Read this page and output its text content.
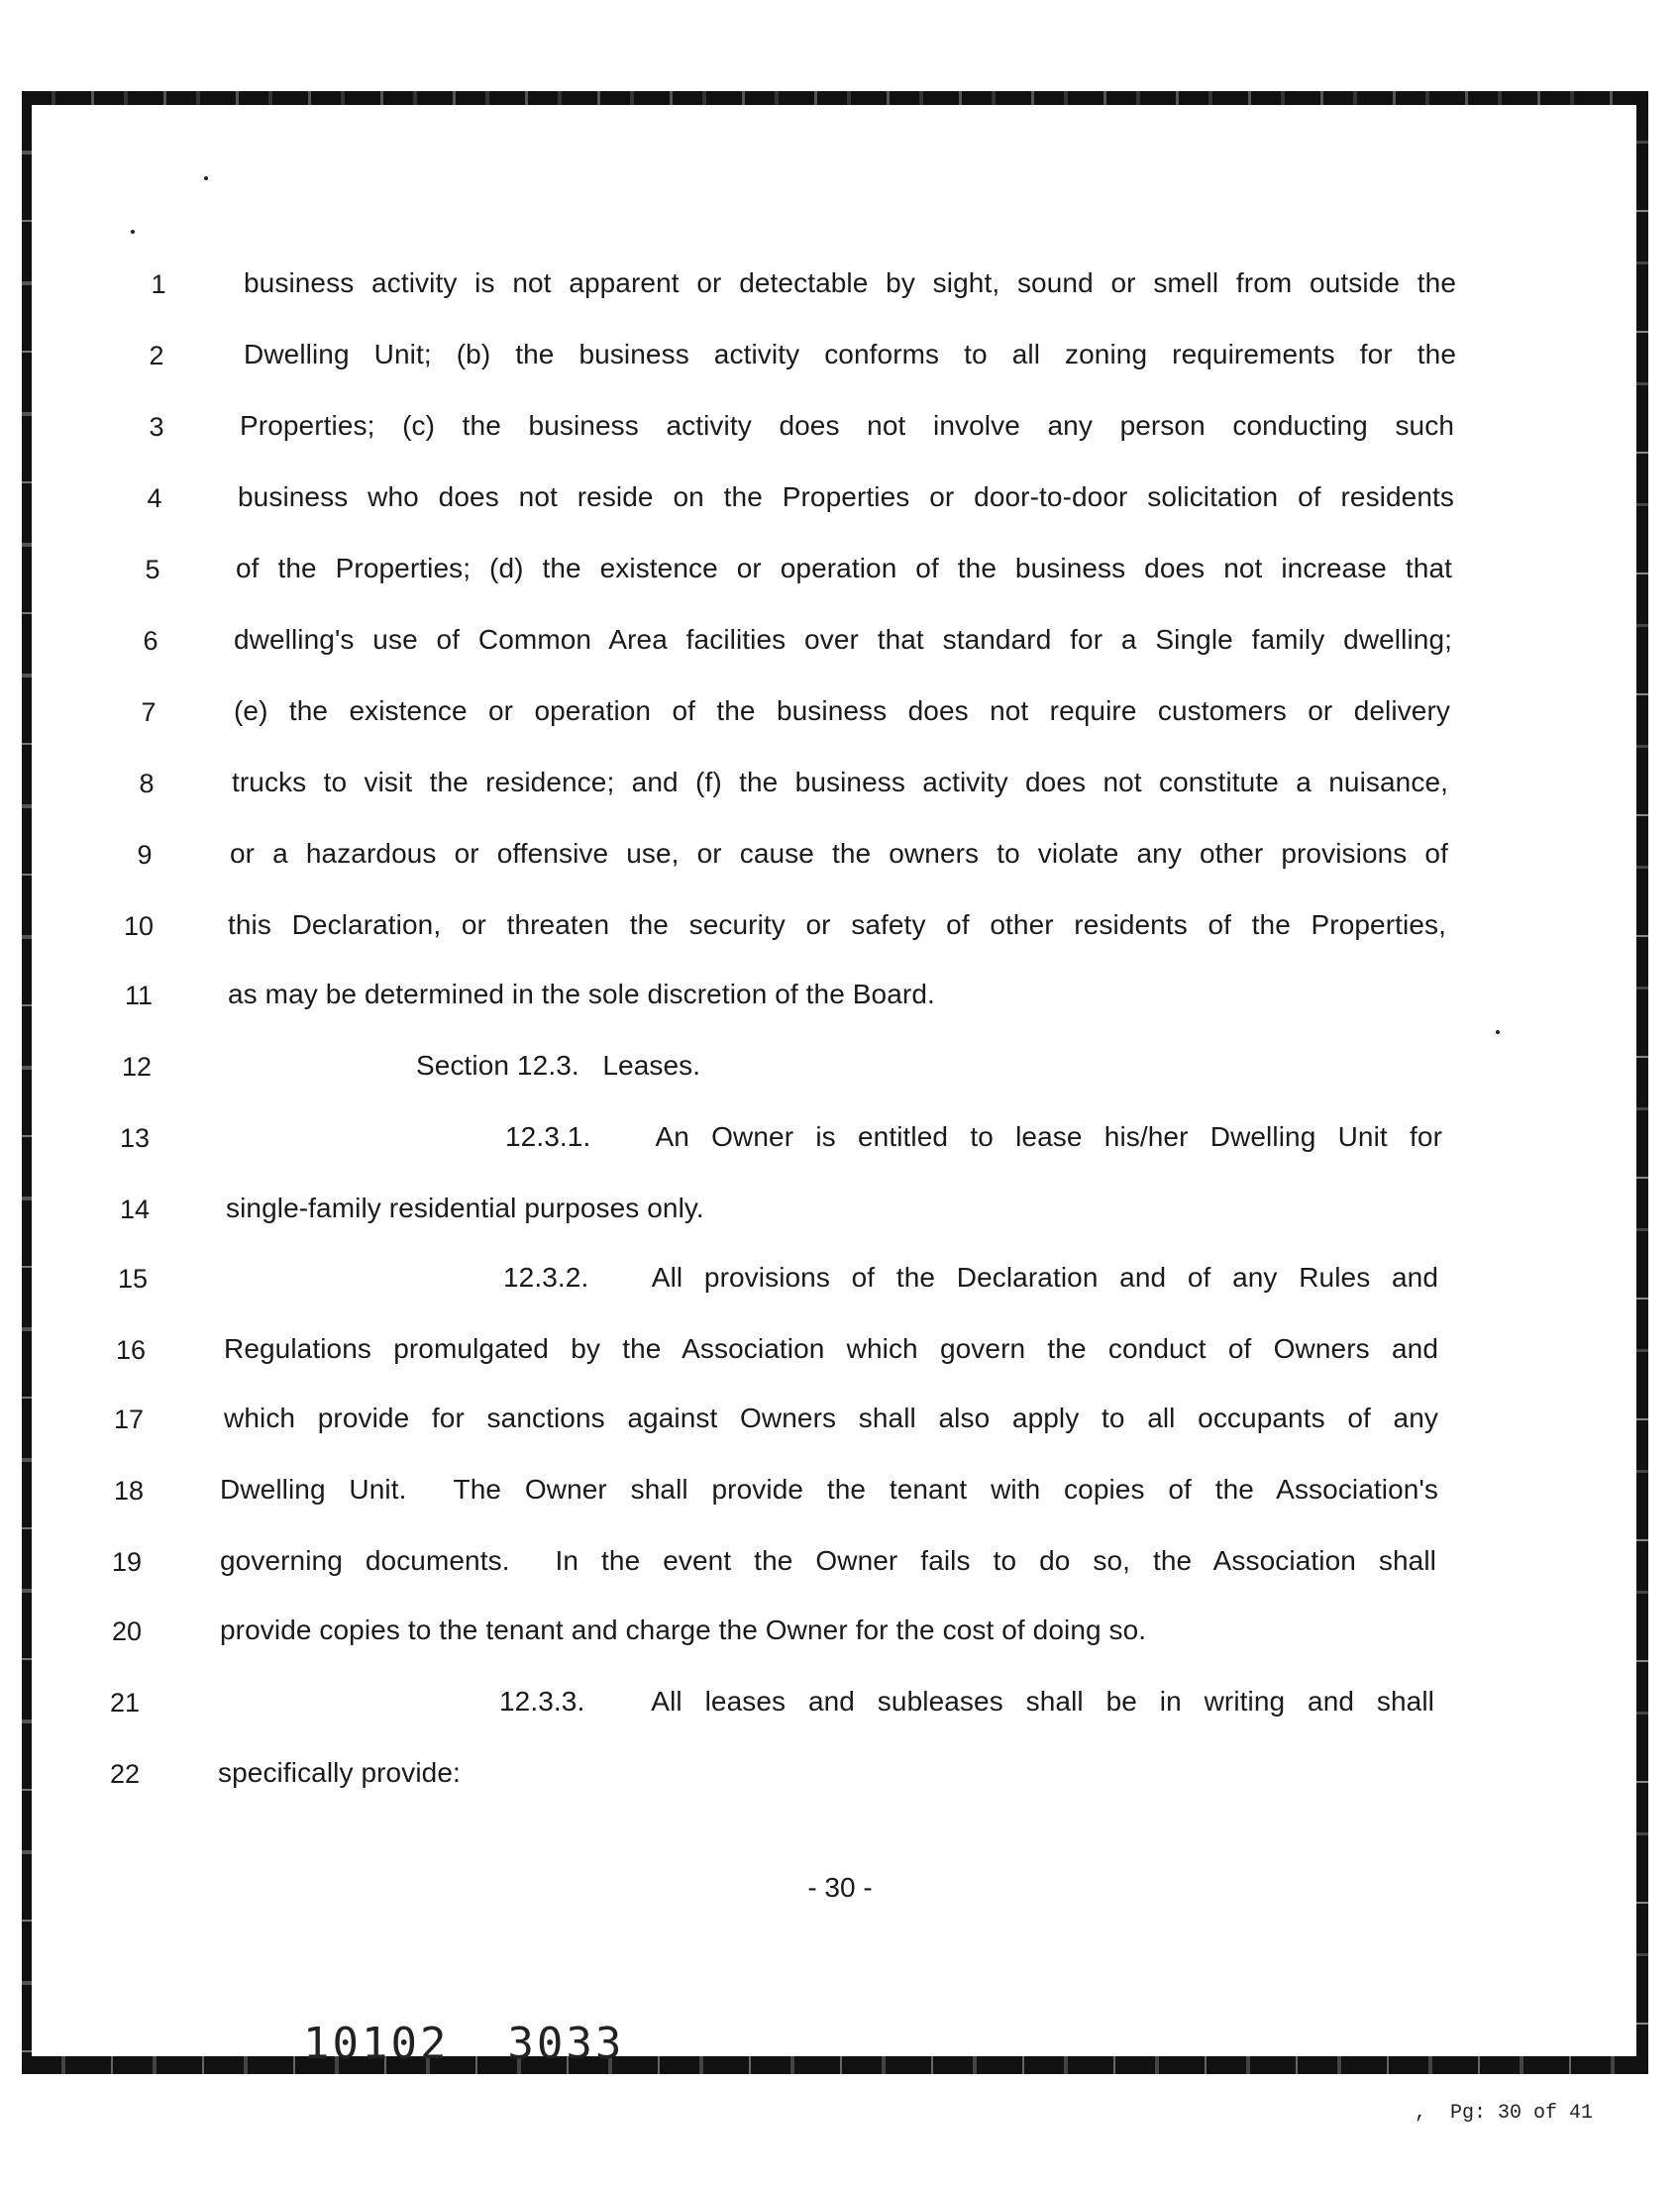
1	business activity is not apparent or detectable by sight, sound or smell from outside the
2	Dwelling Unit; (b) the business activity conforms to all zoning requirements for the
3	Properties; (c) the business activity does not involve any person conducting such
4	business who does not reside on the Properties or door-to-door solicitation of residents
5	of the Properties; (d) the existence or operation of the business does not increase that
6	dwelling's use of Common Area facilities over that standard for a Single family dwelling;
7	(e) the existence or operation of the business does not require customers or delivery
8	trucks to visit the residence; and (f) the business activity does not constitute a nuisance,
9	or a hazardous or offensive use, or cause the owners to violate any other provisions of
10	this Declaration, or threaten the security or safety of other residents of the Properties,
11	as may be determined in the sole discretion of the Board.
12	Section 12.3.   Leases.
13	12.3.1.   An Owner is entitled to lease his/her Dwelling Unit for
14	single-family residential purposes only.
15	12.3.2.   All provisions of the Declaration and of any Rules and
16	Regulations promulgated by the Association which govern the conduct of Owners and
17	which provide for sanctions against Owners shall also apply to all occupants of any
18	Dwelling Unit.  The Owner shall provide the tenant with copies of the Association's
19	governing documents.  In the event the Owner fails to do so, the Association shall
20	provide copies to the tenant and charge the Owner for the cost of doing so.
21	12.3.3.   All leases and subleases shall be in writing and shall
22	specifically provide:
- 30 -
10102  3033
,  Pg: 30 of 41
